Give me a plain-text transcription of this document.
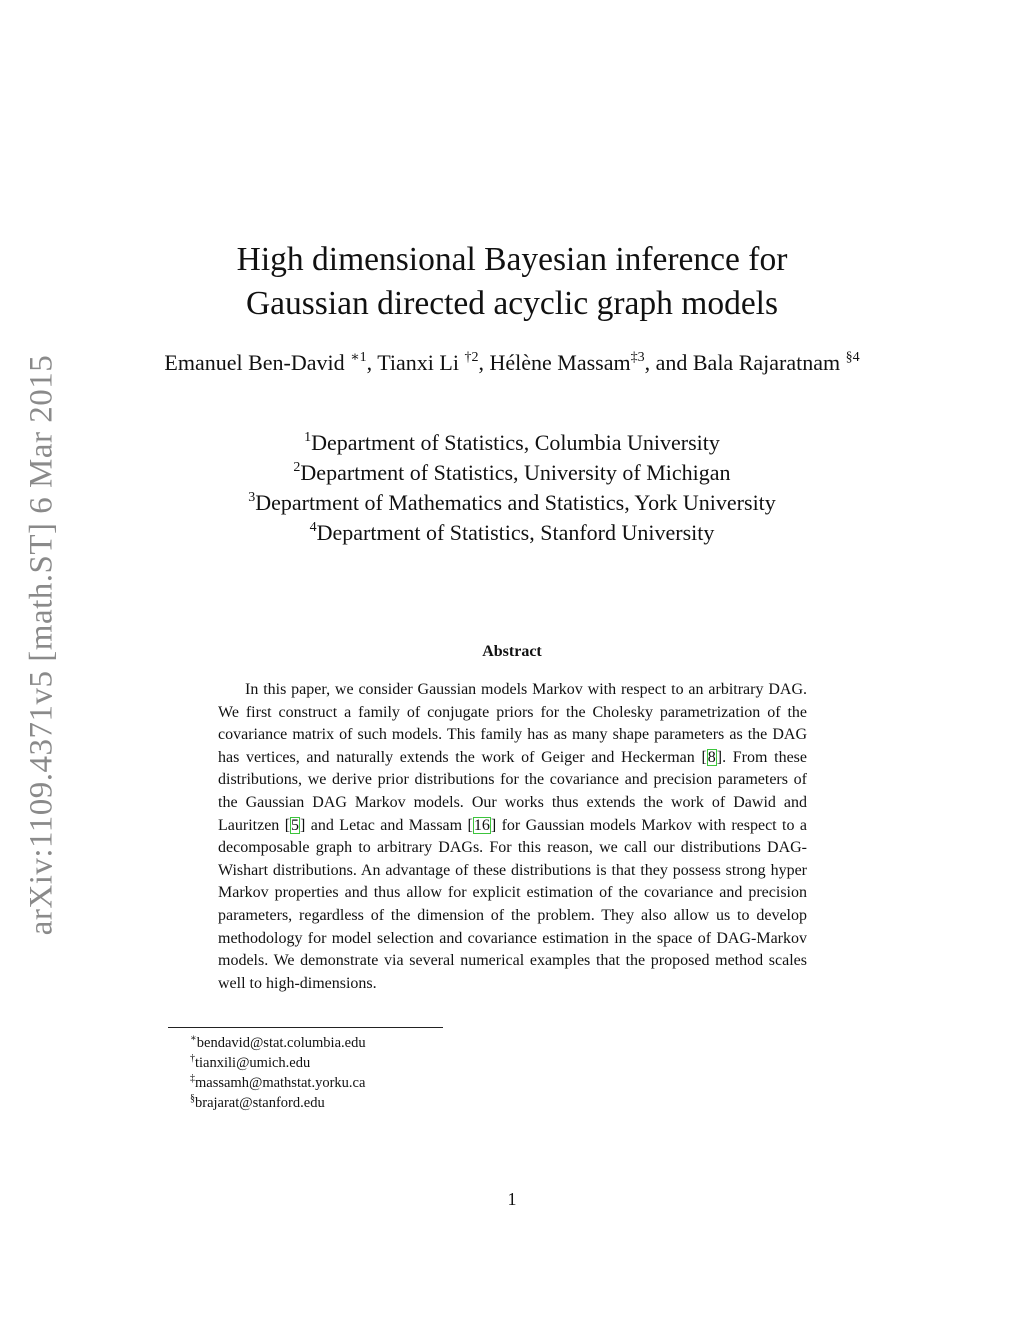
arXiv:1109.4371v5 [math.ST] 6 Mar 2015
High dimensional Bayesian inference for
Gaussian directed acyclic graph models
Emanuel Ben-David $^{∗1}$, Tianxi Li $^{\dagger 2}$, Hélène Massam$^{\ddagger 3}$, and Bala Rajaratnam $^{\S 4}$
$^1$Department of Statistics, Columbia University
$^2$Department of Statistics, University of Michigan
$^3$Department of Mathematics and Statistics, York University
$^4$Department of Statistics, Stanford University
Abstract
In this paper, we consider Gaussian models Markov with respect to an arbitrary DAG. We first construct a family of conjugate priors for the Cholesky parametrization of the covariance matrix of such models. This family has as many shape parameters as the DAG has vertices, and naturally extends the work of Geiger and Heckerman [8]. From these distributions, we derive prior distributions for the covariance and precision parameters of the Gaussian DAG Markov models. Our works thus extends the work of Dawid and Lauritzen [5] and Letac and Massam [16] for Gaussian models Markov with respect to a decomposable graph to arbitrary DAGs. For this reason, we call our distributions DAG-Wishart distributions. An advantage of these distributions is that they possess strong hyper Markov properties and thus allow for explicit estimation of the covariance and precision parameters, regardless of the dimension of the problem. They also allow us to develop methodology for model selection and covariance estimation in the space of DAG-Markov models. We demonstrate via several numerical examples that the proposed method scales well to high-dimensions.
∗bendavid@stat.columbia.edu
†tianxili@umich.edu
‡massamh@mathstat.yorku.ca
§brajarat@stanford.edu
1
